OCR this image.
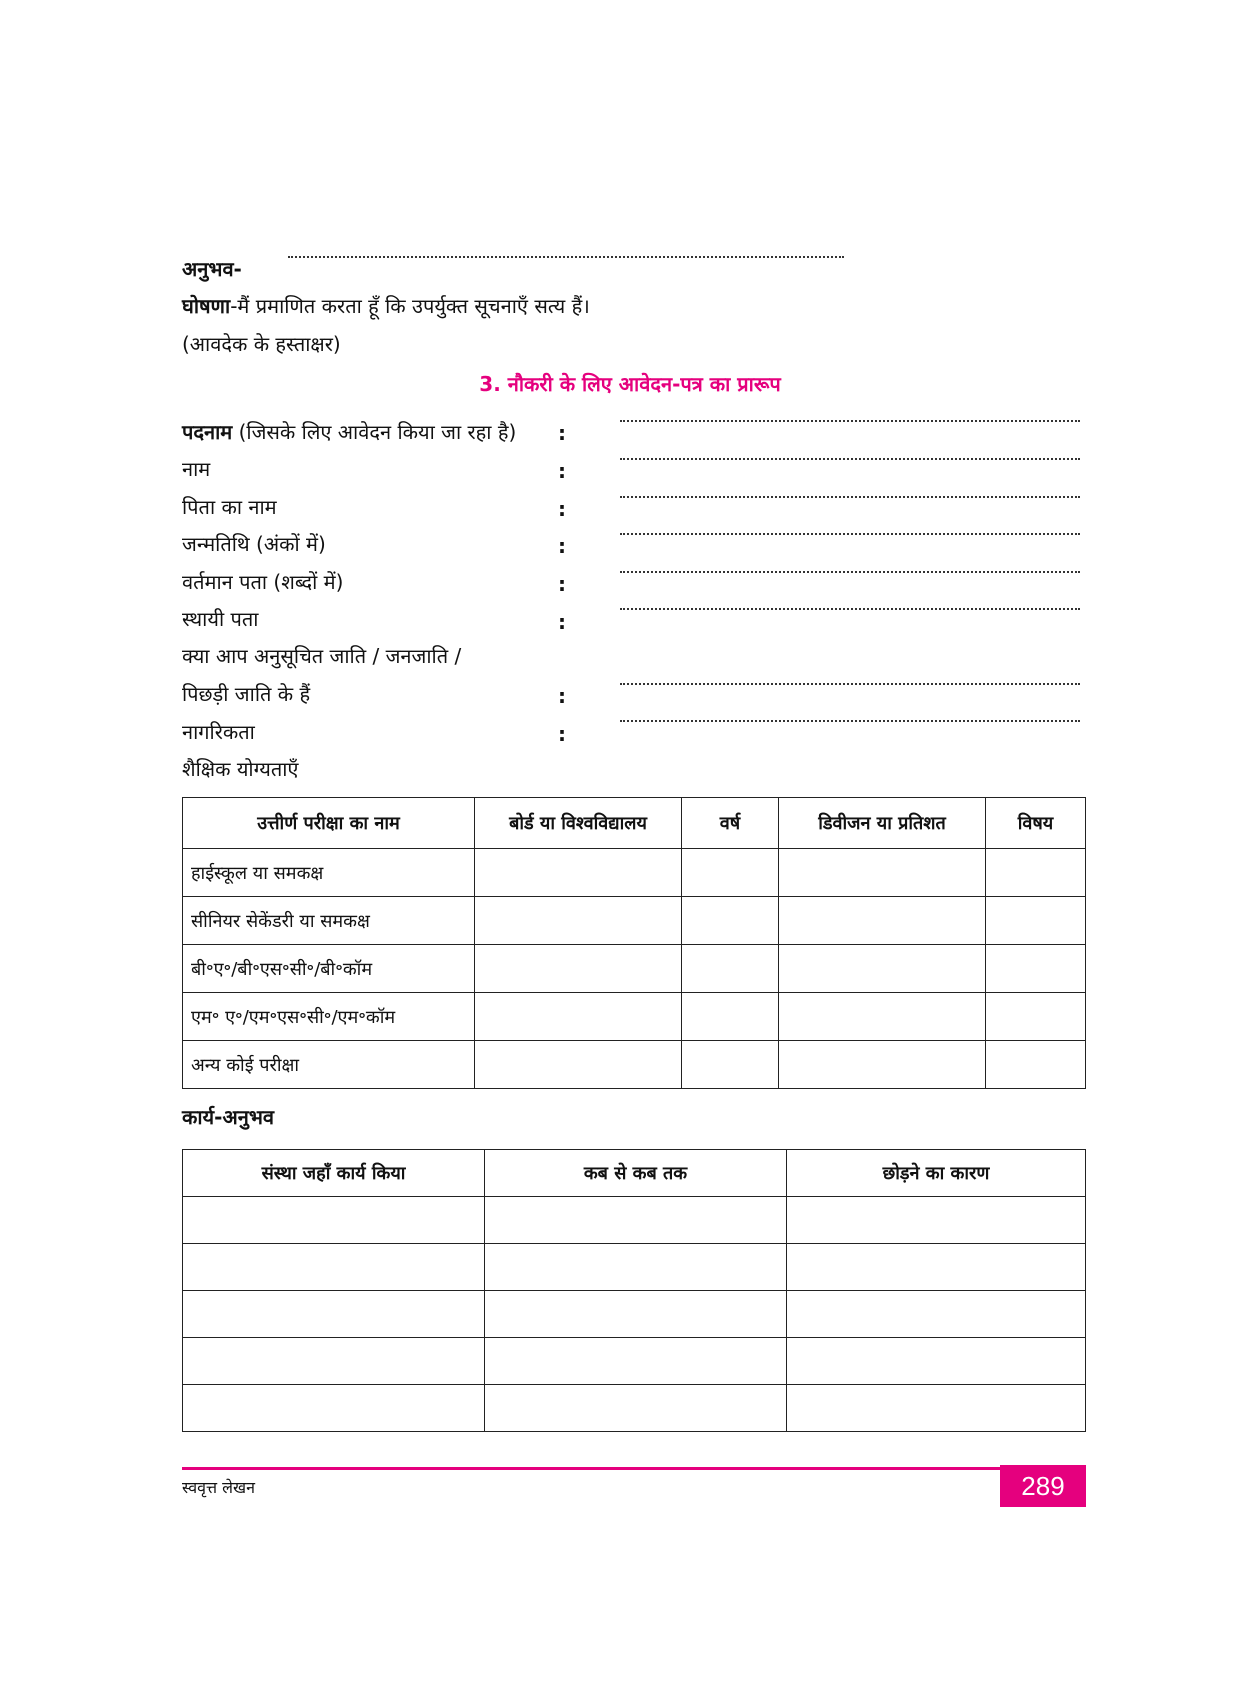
अनुभव-
घोषणा-मैं प्रमाणित करता हूँ कि उपर्युक्त सूचनाएँ सत्य हैं।
(आवदेक के हस्ताक्षर)
3. नौकरी के लिए आवेदन-पत्र का प्रारूप
पदनाम (जिसके लिए आवेदन किया जा रहा है) :
नाम	:
पिता का नाम	:
जन्मतिथि (अंकों में)	:
वर्तमान पता (शब्दों में)	:
स्थायी पता	:
क्या आप अनुसूचित जाति / जनजाति /
पिछड़ी जाति के हैं	:
नागरिकता	:
शैक्षिक योग्यताएँ
उत्तीर्ण परीक्षा का नाम	बोर्ड या विश्वविद्यालय	वर्ष	डिवीजन या प्रतिशत	विषय
हाईस्कूल या समकक्ष				
सीनियर सेकेंडरी या समकक्ष				
बी॰ए॰/बी॰एस॰सी॰/बी॰कॉम				
एम॰ ए॰/एम॰एस॰सी॰/एम॰कॉम				
अन्य कोई परीक्षा				
कार्य-अनुभव
संस्था जहाँ कार्य किया	कब से कब तक	छोड़ने का कारण

स्ववृत्त लेखन	289
